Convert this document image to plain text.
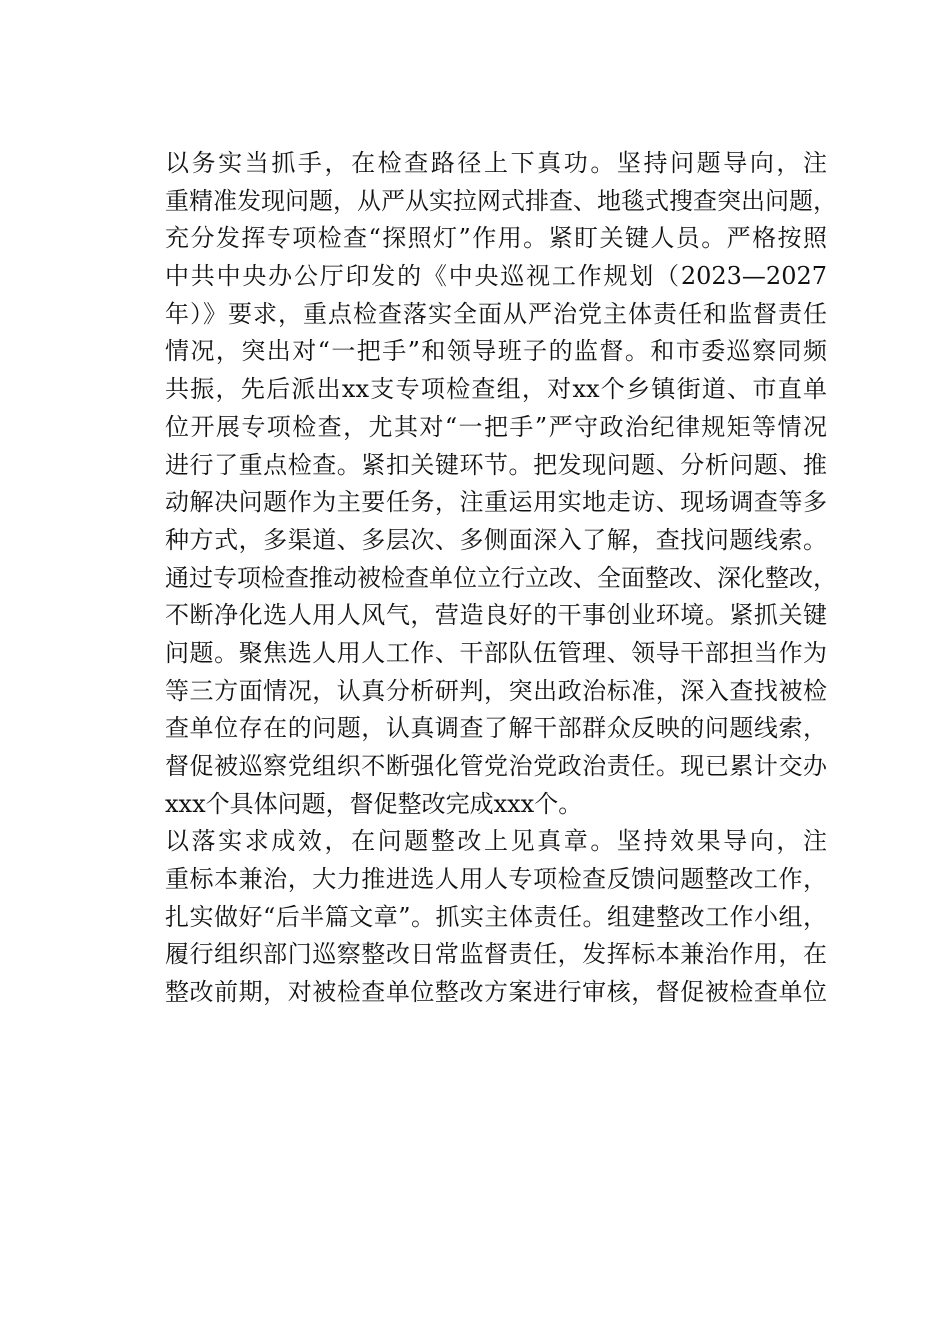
以务实当抓手，在检查路径上下真功。坚持问题导向，注
重精准发现问题，从严从实拉网式排查、地毯式搜查突出问题，
充分发挥专项检查“探照灯”作用。紧盯关键人员。严格按照
中共中央办公厅印发的《中央巡视工作规划（2023—2027
年）》要求，重点检查落实全面从严治党主体责任和监督责任
情况，突出对“一把手”和领导班子的监督。和市委巡察同频
共振，先后派出xx支专项检查组，对xx个乡镇街道、市直单
位开展专项检查，尤其对“一把手”严守政治纪律规矩等情况
进行了重点检查。紧扣关键环节。把发现问题、分析问题、推
动解决问题作为主要任务，注重运用实地走访、现场调查等多
种方式，多渠道、多层次、多侧面深入了解，查找问题线索。
通过专项检查推动被检查单位立行立改、全面整改、深化整改，
不断净化选人用人风气，营造良好的干事创业环境。紧抓关键
问题。聚焦选人用人工作、干部队伍管理、领导干部担当作为
等三方面情况，认真分析研判，突出政治标准，深入查找被检
查单位存在的问题，认真调查了解干部群众反映的问题线索，
督促被巡察党组织不断强化管党治党政治责任。现已累计交办
xxx个具体问题，督促整改完成xxx个。
以落实求成效，在问题整改上见真章。坚持效果导向，注
重标本兼治，大力推进选人用人专项检查反馈问题整改工作，
扎实做好“后半篇文章”。抓实主体责任。组建整改工作小组，
履行组织部门巡察整改日常监督责任，发挥标本兼治作用，在
整改前期，对被检查单位整改方案进行审核，督促被检查单位
